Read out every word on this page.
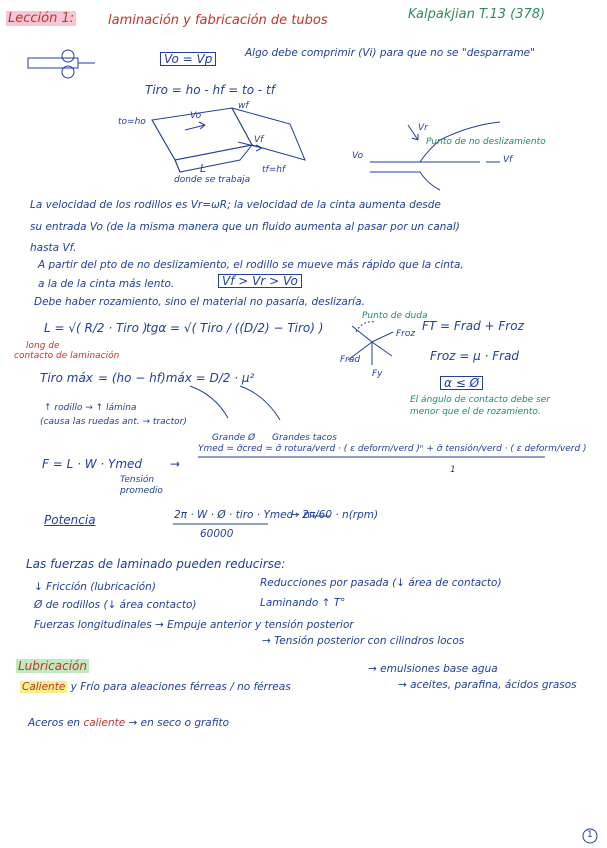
Lección 1:	laminación y fabricación de tubos	Kalpakjian T.13 (378)
Vo = Vp	Algo debe comprimir (Vi) para que no se "desparrame"
Tiro = ho - hf = to - tf
to=ho
Vo
Vf
wf
L	tf=hf
donde se trabaja
Punto de no deslizamiento
Vr
Vo	Vf
La velocidad de los rodillos es Vr=ωR; la velocidad de la cinta aumenta desde
su entrada Vo (de la misma manera que un fluido aumenta al pasar por un canal)
hasta Vf.
A partir del pto de no deslizamiento, el rodillo se mueve más rápido que la cinta,
a la de la cinta más lento.	Vf > Vr > Vo
Debe haber rozamiento, sino el material no pasaría, deslizaría.
L = √( R/2 · Tiro )
long de
contacto de laminación
tgα = √( Tiro / ((D/2) − Tiro) )
Punto de duda
Froz
Frad
Fy
FT = Frad + Froz
Froz = μ · Frad
α ≤ Ø
El ángulo de contacto debe ser
menor que el de rozamiento.
Tiro máx = (ho − hf)máx = D/2 · μ²
↑ rodillo → ↑ lámina
(causa las ruedas ant. → tractor)
Grande Ø Grandes tacos
F = L · W · Ymed →
Tensión
promedio
Ymed = σ̄cred = σ̄ rotura/verd · ( ε deform/verd )ⁿ + σ̄ tensión/verd · ( ε deform/verd )
1
Potencia	2π · W · Ø · tiro · Ymed · n
60000
→ 2π/60 · n(rpm)
Las fuerzas de laminado pueden reducirse:
↓ Fricción (lubricación)
Ø de rodillos (↓ área contacto)
Fuerzas longitudinales → Empuje anterior y tensión posterior
Reducciones por pasada (↓ área de contacto)
Laminando ↑ T°
→ Tensión posterior con cilindros locos
Lubricación
Caliente y Frío para aleaciones férreas / no férreas
→ emulsiones base agua
→ aceites, parafina, ácidos grasos
Aceros en caliente → en seco o grafito
1
